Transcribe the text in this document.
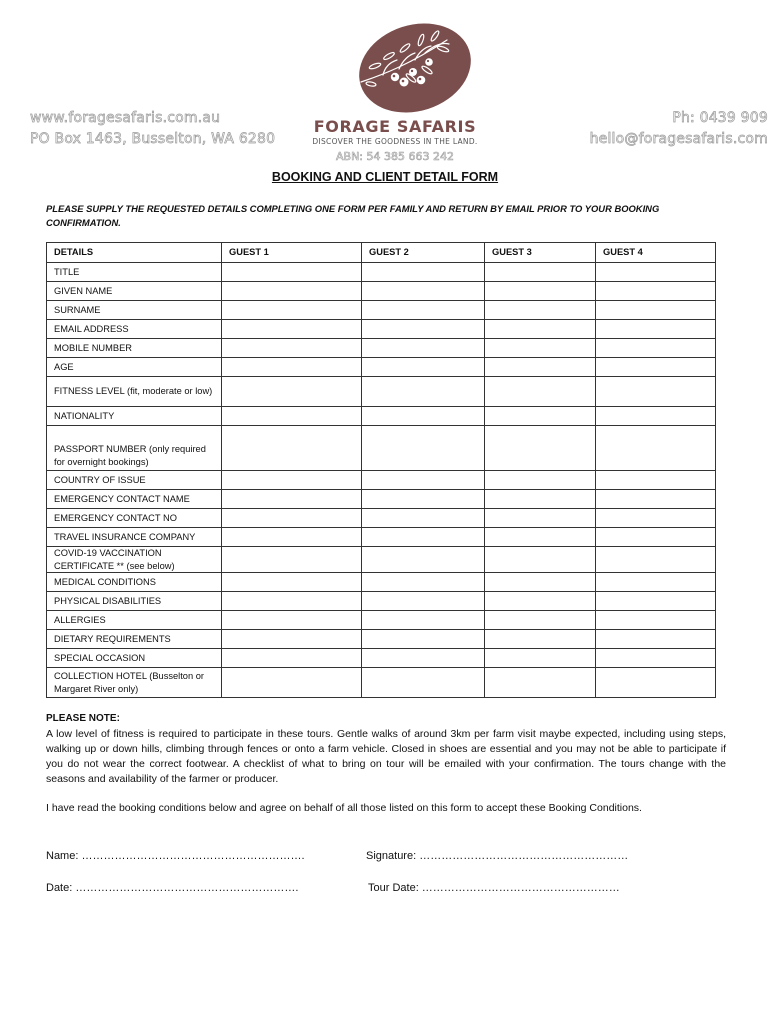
www.foragesafaris.com.au
PO Box 1463, Busselton, WA 6280
FORAGE SAFARIS
DISCOVER THE GOODNESS IN THE LAND.
ABN: 54 385 663 242
Ph: 0439 909
hello@foragesafaris.com
BOOKING AND CLIENT DETAIL FORM
PLEASE SUPPLY THE REQUESTED DETAILS COMPLETING ONE FORM PER FAMILY AND RETURN BY EMAIL PRIOR TO YOUR BOOKING CONFIRMATION.
DETAILS	GUEST 1	GUEST 2	GUEST 3	GUEST 4
TITLE				
GIVEN NAME				
SURNAME				
EMAIL ADDRESS				
MOBILE NUMBER				
AGE				
FITNESS LEVEL (fit, moderate or low)				
NATIONALITY				
PASSPORT NUMBER (only required for overnight bookings)				
COUNTRY OF ISSUE				
EMERGENCY CONTACT NAME				
EMERGENCY CONTACT NO				
TRAVEL INSURANCE COMPANY				
COVID-19 VACCINATION CERTIFICATE ** (see below)				
MEDICAL CONDITIONS				
PHYSICAL DISABILITIES				
ALLERGIES				
DIETARY REQUIREMENTS				
SPECIAL OCCASION				
COLLECTION HOTEL (Busselton or Margaret River only)				
PLEASE NOTE:
A low level of fitness is required to participate in these tours. Gentle walks of around 3km per farm visit maybe expected, including using steps, walking up or down hills, climbing through fences or onto a farm vehicle. Closed in shoes are essential and you may not be able to participate if you do not wear the correct footwear. A checklist of what to bring on tour will be emailed with your confirmation. The tours change with the seasons and availability of the farmer or producer.
I have read the booking conditions below and agree on behalf of all those listed on this form to accept these Booking Conditions.
Name: …………………………………………………….	Signature: …………………………………………………
Date: …………………………………………………….	Tour Date: ………………………………………………
